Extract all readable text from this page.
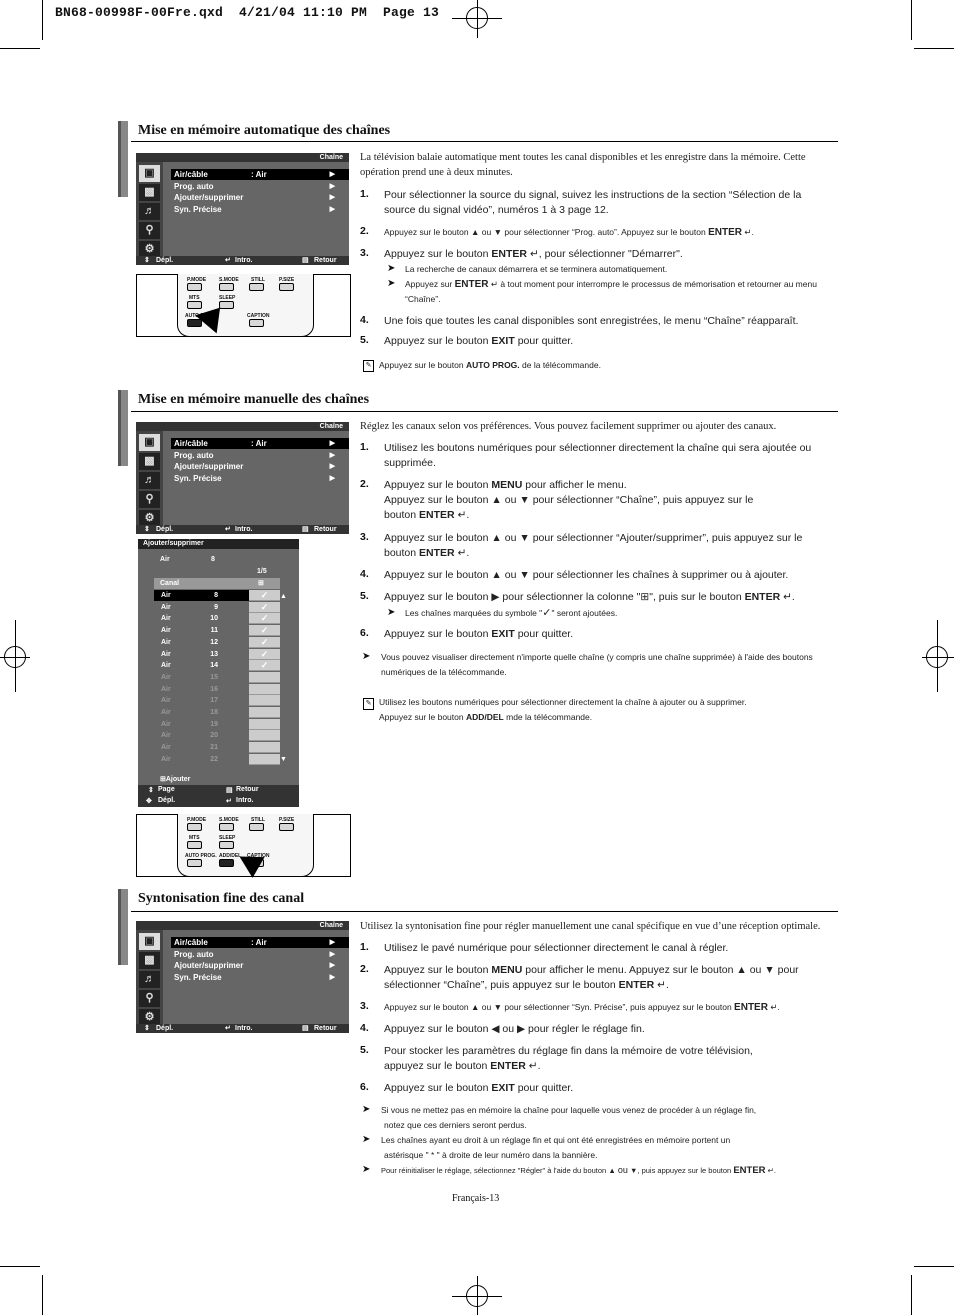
BN68-00998F-00Fre.qxd  4/21/04 11:10 PM  Page 13
Mise en mémoire automatique des chaînes
Chaîne
▣
▩
♬
⚲
⚙
Air/câble	: Air	▶
Prog. auto	▶
Ajouter/supprimer	▶
Syn. Précise	▶
⇕ Dépl.	↵ Intro.	▤ Retour
P.MODE	S.MODE STILL	P.SIZE
MTS	SLEEP
AUTO PROG.	CAPTION
La télévision balaie automatique ment toutes les canal disponibles et les enregistre dans la mémoire. Cette opération prend une à deux minutes.
1. Pour sélectionner la source du signal, suivez les instructions de la section “Sélection de la source du signal vidéo”, numéros 1 à 3 page 12.
2. Appuyez sur le bouton ▲ ou ▼ pour sélectionner “Prog. auto”. Appuyez sur le bouton ENTER ↵.
3. Appuyez sur le bouton ENTER ↵, pour sélectionner "Démarrer".
➤ La recherche de canaux démarrera et se terminera automatiquement.
➤ Appuyez sur ENTER ↵ à tout moment pour interrompre le processus de mémorisation et retourner au menu “Chaîne”.
4. Une fois que toutes les canal disponibles sont enregistrées, le menu “Chaîne” réapparaît.
5. Appuyez sur le bouton EXIT pour quitter.
✎ Appuyez sur le bouton AUTO PROG. de la télécommande.
Mise en mémoire manuelle des chaînes
Chaîne
▣
▩
♬
⚲
⚙
Air/câble	: Air	▶
Prog. auto	▶
Ajouter/supprimer	▶
Syn. Précise	▶
⇕ Dépl.	↵ Intro.	▤ Retour
Ajouter/supprimer
Air	8
1/5
Canal	⊞
Air	8	✓
Air	9	✓
Air	10	✓
Air	11	✓
Air	12	✓
Air	13	✓
Air	14	✓
Air	15
Air	16
Air	17
Air	18
Air	19
Air	20
Air	21
Air	22
▲
▼
⊞Ajouter
⇕ Page	▤ Retour
✥ Dépl.	↵ Intro.
P.MODE	S.MODE STILL	P.SIZE
MTS	SLEEP
AUTO PROG. ADD/DEL CAPTION
Réglez les canaux selon vos préférences. Vous pouvez facilement supprimer ou ajouter des canaux.
1. Utilisez les boutons numériques pour sélectionner directement la chaîne qui sera ajoutée ou supprimée.
2. Appuyez sur le bouton MENU pour afficher le menu.
Appuyez sur le bouton ▲ ou ▼ pour sélectionner “Chaîne”, puis appuyez sur le
bouton ENTER ↵.
3. Appuyez sur le bouton ▲ ou ▼ pour sélectionner “Ajouter/supprimer”, puis appuyez sur le
bouton ENTER ↵.
4. Appuyez sur le bouton ▲ ou ▼ pour sélectionner les chaînes à supprimer ou à ajouter.
5. Appuyez sur le bouton ▶ pour sélectionner la colonne "⊞", puis sur le bouton ENTER ↵.
➤ Les chaînes marquées du symbole "✓" seront ajoutées.
6. Appuyez sur le bouton EXIT pour quitter.
➤ Vous pouvez visualiser directement n'importe quelle chaîne (y compris une chaîne supprimée) à l'aide des boutons numériques de la télécommande.
✎ Utilisez les boutons numériques pour sélectionner directement la chaîne à ajouter ou à supprimer.
Appuyez sur le bouton ADD/DEL mde la télécommande.
Syntonisation fine des canal
Chaîne
▣
▩
♬
⚲
⚙
Air/câble	: Air	▶
Prog. auto	▶
Ajouter/supprimer	▶
Syn. Précise	▶
⇕ Dépl.	↵ Intro.	▤ Retour
Utilisez la syntonisation fine pour régler manuellement une canal spécifique en vue d’une réception optimale.
1. Utilisez le pavé numérique pour sélectionner directement le canal à régler.
2. Appuyez sur le bouton MENU pour afficher le menu. Appuyez sur le bouton ▲ ou ▼ pour
sélectionner “Chaîne”, puis appuyez sur le bouton ENTER ↵.
3. Appuyez sur le bouton ▲ ou ▼ pour sélectionner “Syn. Précise”, puis appuyez sur le bouton ENTER ↵.
4. Appuyez sur le bouton ◀ ou ▶ pour régler le réglage fin.
5. Pour stocker les paramètres du réglage fin dans la mémoire de votre télévision,
appuyez sur le bouton ENTER ↵.
6. Appuyez sur le bouton EXIT pour quitter.
➤ Si vous ne mettez pas en mémoire la chaîne pour laquelle vous venez de procéder à un réglage fin,
notez que ces derniers seront perdus.
➤ Les chaînes ayant eu droit à un réglage fin et qui ont été enregistrées en mémoire portent un
astérisque " * " à droite de leur numéro dans la bannière.
➤ Pour réinitialiser le réglage, sélectionnez "Régler" à l'aide du bouton ▲ ou ▼, puis appuyez sur le bouton ENTER ↵.
Français-13
